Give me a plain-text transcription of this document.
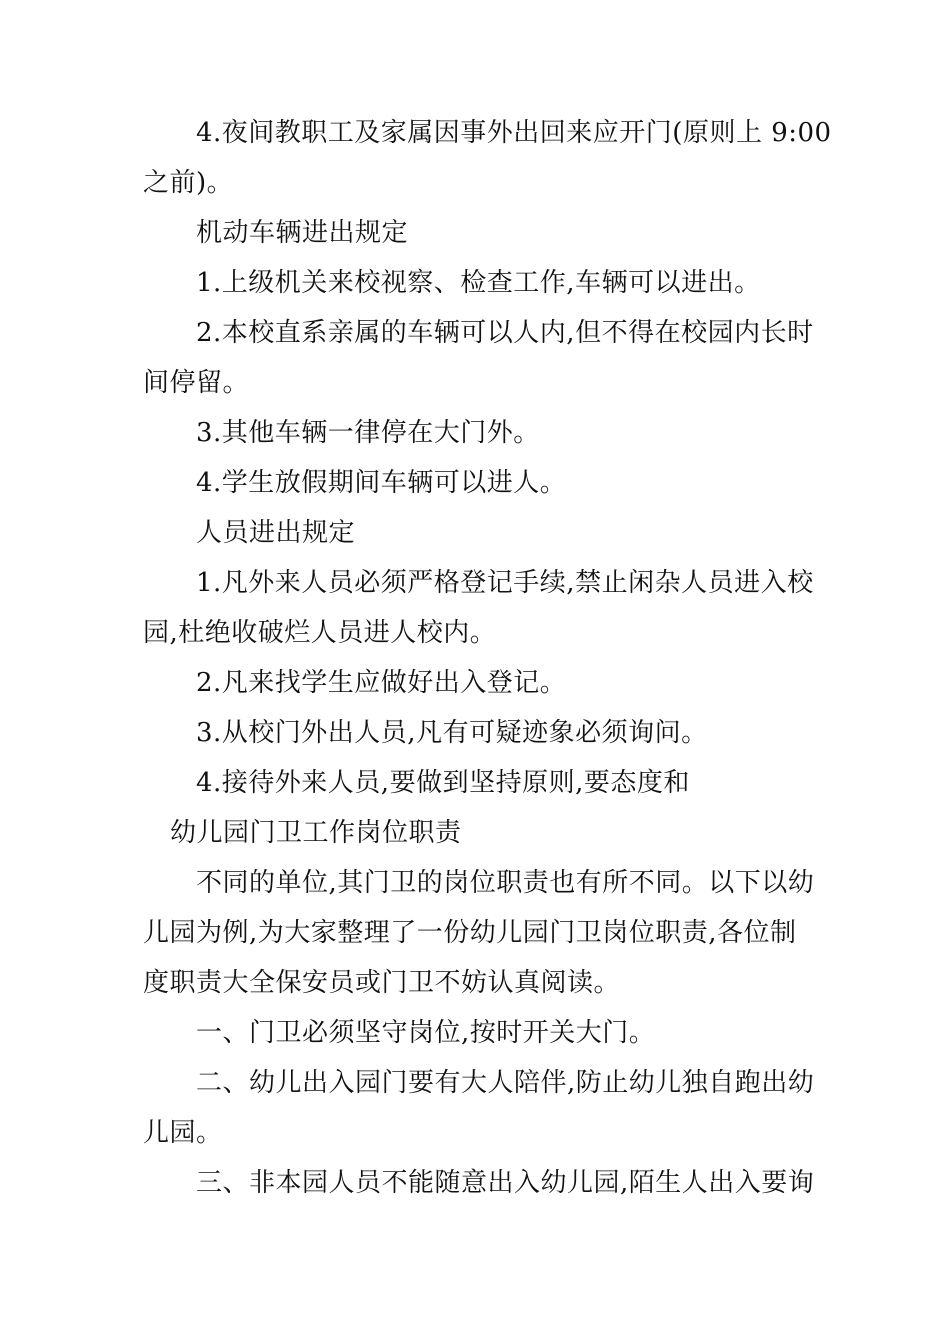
4.夜间教职工及家属因事外出回来应开门(原则上 9:00
之前)。
机动车辆进出规定
1.上级机关来校视察、检查工作,车辆可以进出。
2.本校直系亲属的车辆可以人内,但不得在校园内长时
间停留。
3.其他车辆一律停在大门外。
4.学生放假期间车辆可以进人。
人员进出规定
1.凡外来人员必须严格登记手续,禁止闲杂人员进入校
园,杜绝收破烂人员进人校内。
2.凡来找学生应做好出入登记。
3.从校门外出人员,凡有可疑迹象必须询问。
4.接待外来人员,要做到坚持原则,要态度和
幼儿园门卫工作岗位职责
不同的单位,其门卫的岗位职责也有所不同。以下以幼
儿园为例,为大家整理了一份幼儿园门卫岗位职责,各位制
度职责大全保安员或门卫不妨认真阅读。
一、门卫必须坚守岗位,按时开关大门。
二、幼儿出入园门要有大人陪伴,防止幼儿独自跑出幼
儿园。
三、非本园人员不能随意出入幼儿园,陌生人出入要询
